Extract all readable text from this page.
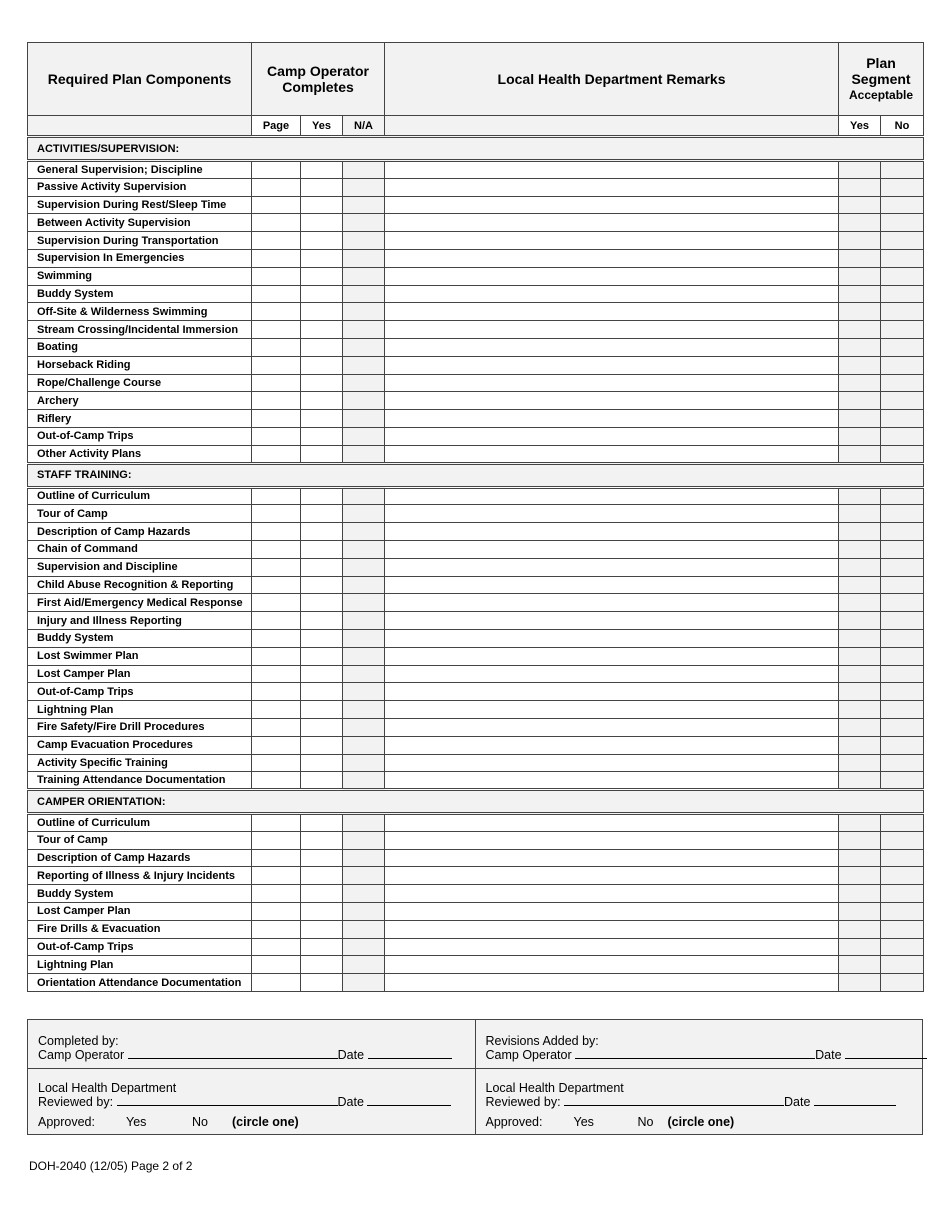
Required Plan Components	Camp Operator Completes			Local Health Department Remarks	Plan Segment
Acceptable	

	Page	Yes	N/A		Yes	No
ACTIVITIES/SUPERVISION:						
General Supervision; Discipline						
Passive Activity Supervision						
Supervision During Rest/Sleep Time						
Between Activity Supervision						
Supervision During Transportation						
Supervision In Emergencies						
Swimming						
Buddy System						
Off-Site & Wilderness Swimming						
Stream Crossing/Incidental Immersion						
Boating						
Horseback Riding						
Rope/Challenge Course						
Archery						
Riflery						
Out-of-Camp Trips						
Other Activity Plans						
STAFF TRAINING:						
Outline of Curriculum						
Tour of Camp						
Description of Camp Hazards						
Chain of Command						
Supervision and Discipline						
Child Abuse Recognition & Reporting						
First Aid/Emergency Medical Response						
Injury and Illness Reporting						
Buddy System						
Lost Swimmer Plan						
Lost Camper Plan						
Out-of-Camp Trips						
Lightning Plan						
Fire Safety/Fire Drill Procedures						
Camp Evacuation Procedures						
Activity Specific Training						
Training Attendance Documentation						
CAMPER ORIENTATION:						
Outline of Curriculum						
Tour of Camp						
Description of Camp Hazards						
Reporting of Illness & Injury Incidents						
Buddy System						
Lost Camper Plan						
Fire Drills & Evacuation						
Out-of-Camp Trips						
Lightning Plan						
Orientation Attendance Documentation						
Completed by:
Camp Operator	Date
Local Health Department
Reviewed by:	Date
Approved: Yes	No (circle one)
Revisions Added by:
Camp Operator	Date
Local Health Department
Reviewed by:	Date
Approved: Yes	No (circle one)
DOH-2040 (12/05) Page 2 of 2
